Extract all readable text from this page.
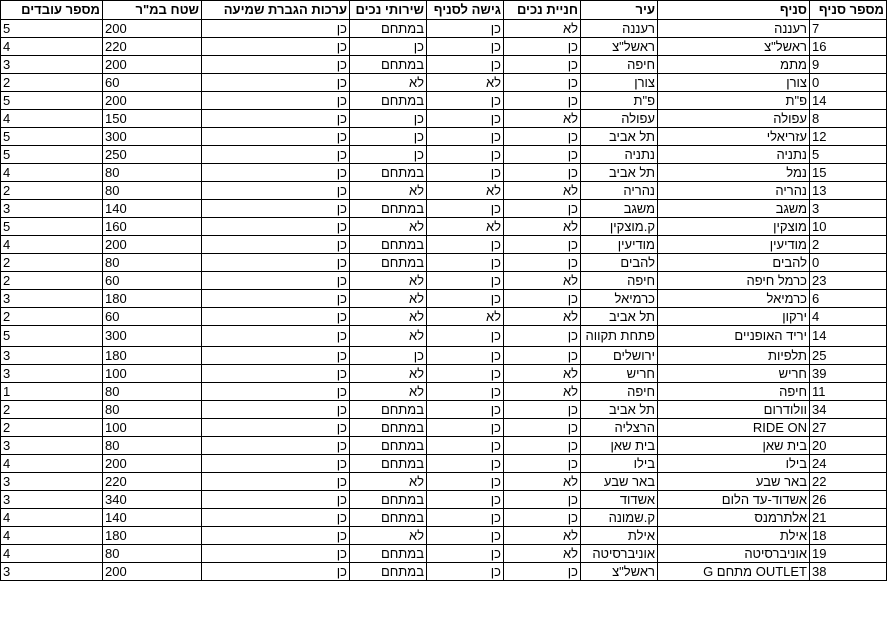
מספר סניף	סניף	עיר	חניית נכים	גישה לסניף	שירותי נכים	ערכות הגברת שמיעה	שטח במ"ר	מספר עובדים
7	רעננה	רעננה	לא	כן	במתחם	כן	200	5
16	ראשל"צ	ראשל"צ	כן	כן	כן	כן	220	4
9	מתמ	חיפה	כן	כן	במתחם	כן	200	3
0	צורן	צורן	כן	לא	לא	כן	60	2
14	פ"ת	פ"ת	כן	כן	במתחם	כן	200	5
8	עפולה	עפולה	לא	כן	כן	כן	150	4
12	עזריאלי	תל אביב	כן	כן	כן	כן	300	5
5	נתניה	נתניה	כן	כן	כן	כן	250	5
15	נמל	תל אביב	כן	כן	במתחם	כן	80	4
13	נהריה	נהריה	לא	לא	לא	כן	80	2
3	משגב	משגב	כן	כן	במתחם	כן	140	3
10	מוצקין	ק.מוצקין	לא	לא	לא	כן	160	5
2	מודיעין	מודיעין	כן	כן	במתחם	כן	200	4
0	להבים	להבים	כן	כן	במתחם	כן	80	2
23	כרמל חיפה	חיפה	לא	כן	לא	כן	60	2
6	כרמיאל	כרמיאל	כן	כן	לא	כן	180	3
4	ירקון	תל אביב	לא	לא	לא	כן	60	2
14	יריד האופניים	פתחת תקווה	כן	כן	לא	כן	300	5
25	תלפיות	ירושלים	כן	כן	כן	כן	180	3
39	חריש	חריש	לא	כן	לא	כן	100	3
11	חיפה	חיפה	לא	כן	לא	כן	80	1
34	וולודרום	תל אביב	כן	כן	במתחם	כן	80	2
27	RIDE ON	הרצליה	כן	כן	במתחם	כן	100	2
20	בית שאן	בית שאן	כן	כן	במתחם	כן	80	3
24	בילו	בילו	כן	כן	במתחם	כן	200	4
22	באר שבע	באר שבע	לא	כן	לא	כן	220	3
26	אשדוד-עד הלום	אשדוד	כן	כן	במתחם	כן	340	3
21	אלתרמנס	ק.שמונה	כן	כן	במתחם	כן	140	4
18	אילת	אילת	לא	כן	לא	כן	180	4
19	אוניברסיטה	אוניברסיטה	לא	כן	במתחם	כן	80	4
38	OUTLET מתחם G	ראשל"צ	כן	כן	במתחם	כן	200	3
